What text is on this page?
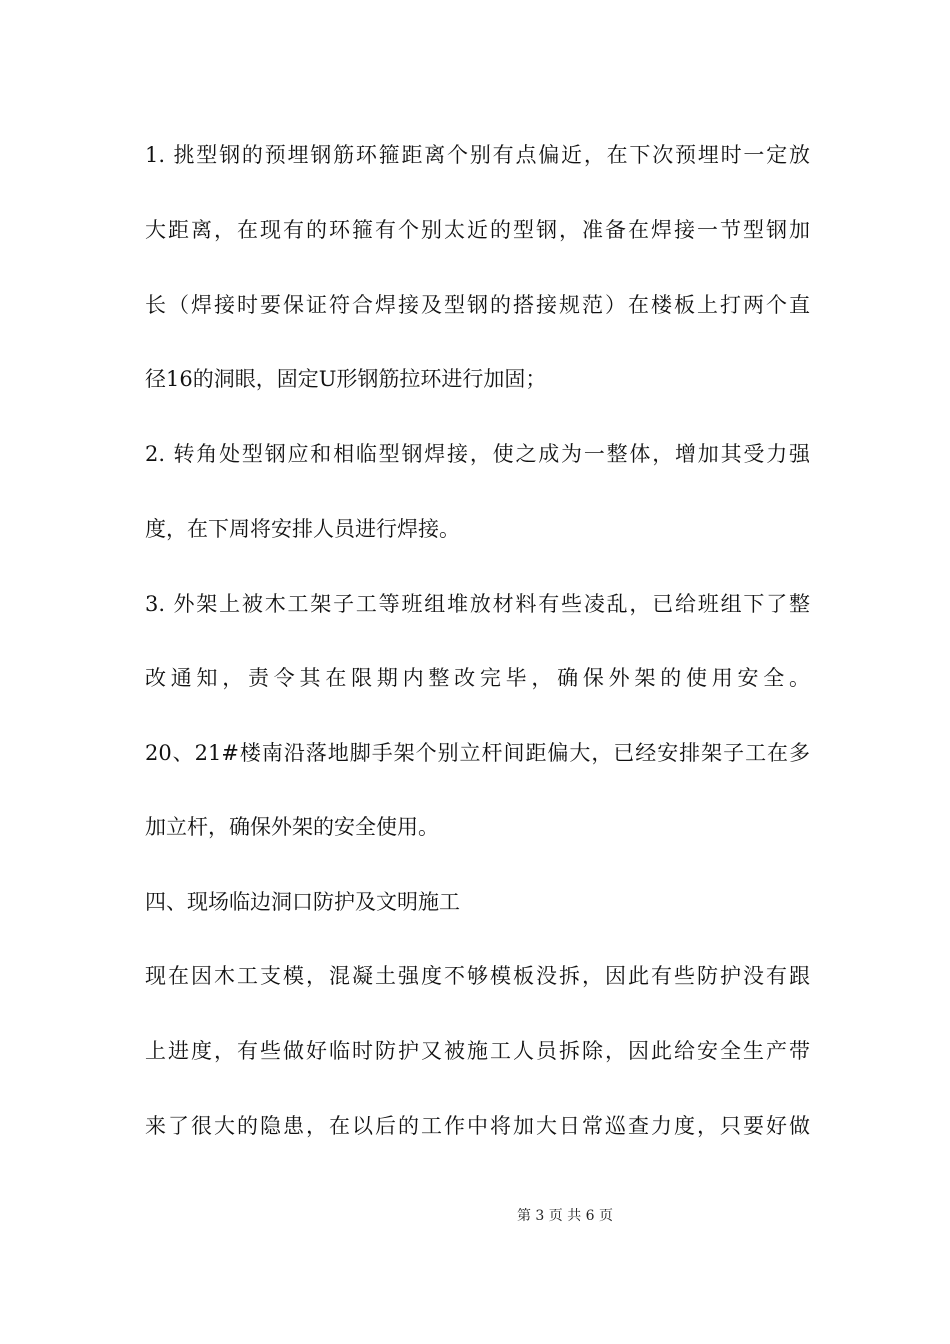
1. 挑型钢的预埋钢筋环箍距离个别有点偏近，在下次预埋时一定放

大距离，在现有的环箍有个别太近的型钢，准备在焊接一节型钢加

长（焊接时要保证符合焊接及型钢的搭接规范）在楼板上打两个直

径16的洞眼，固定U形钢筋拉环进行加固；

2. 转角处型钢应和相临型钢焊接，使之成为一整体，增加其受力强

度，在下周将安排人员进行焊接。

3. 外架上被木工架子工等班组堆放材料有些凌乱，已给班组下了整

改通知，责令其在限期内整改完毕，确保外架的使用安全。

20、21#楼南沿落地脚手架个别立杆间距偏大，已经安排架子工在多

加立杆，确保外架的安全使用。

四、现场临边洞口防护及文明施工

现在因木工支模，混凝土强度不够模板没拆，因此有些防护没有跟

上进度，有些做好临时防护又被施工人员拆除，因此给安全生产带

来了很大的隐患，在以后的工作中将加大日常巡查力度，只要好做

第 3 页 共 6 页
